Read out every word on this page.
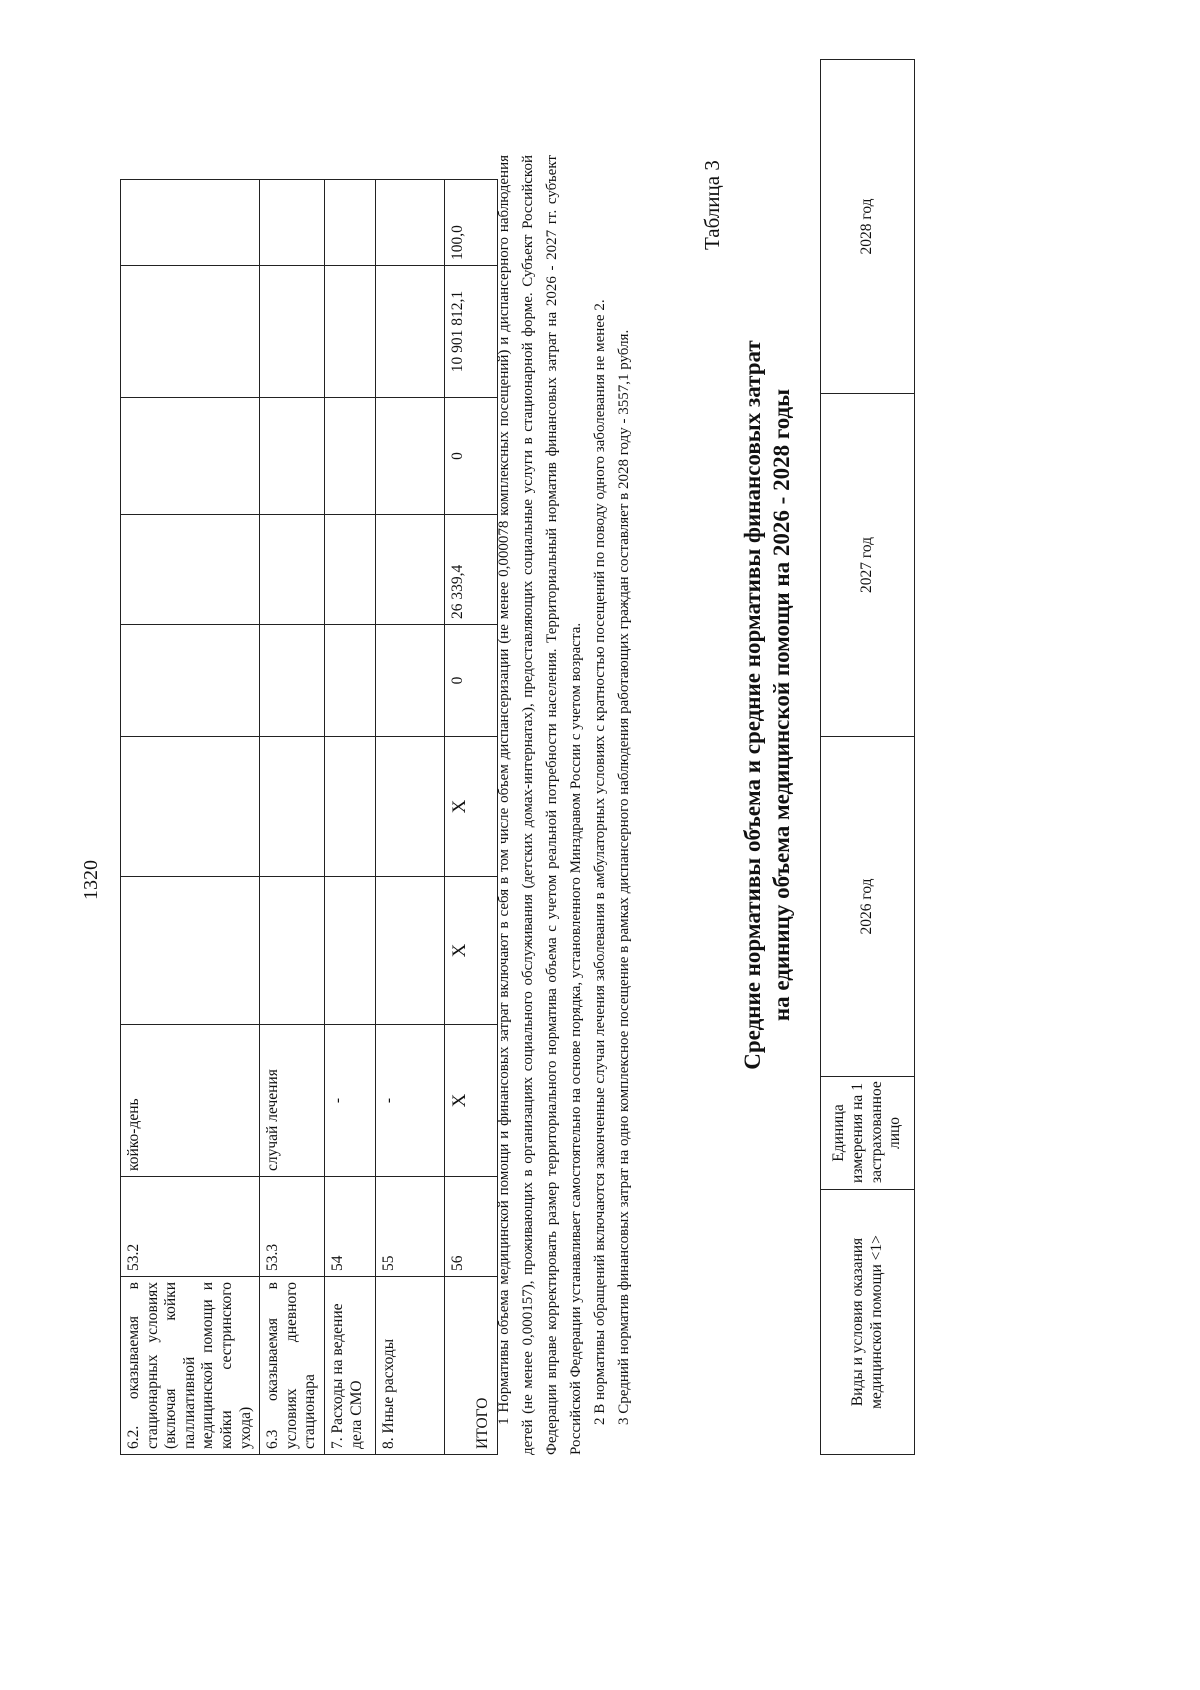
1320
6.2. оказываемая в стационарных условиях (включая койки паллиативной медицинской помощи и койки сестринского ухода)	53.2	койко-день							
6.3 оказываемая в условиях дневного стационара	53.3	случай лечения							
7. Расходы на ведение дела СМО	54	-							
8. Иные расходы	55	-							
ИТОГО	56	X	X	X	0	26 339,4	0	10 901 812,1	100,0 1 Нормативы объема медицинской помощи и финансовых затрат включают в себя в том числе объем диспансеризации (не менее 0,000078 комплексных посещений) и диспансерного наблюдения детей (не менее 0,000157), проживающих в организациях социального обслуживания (детских домах-интернатах), предоставляющих социальные услуги в стационарной форме. Субъект Российской Федерации вправе корректировать размер территориального норматива объема с учетом реальной потребности населения. Территориальный норматив финансовых затрат на 2026 - 2027 гг. субъект Российской Федерации устанавливает самостоятельно на основе порядка, установленного Минздравом России с учетом возраста. 2 В нормативы обращений включаются законченные случаи лечения заболевания в амбулаторных условиях с кратностью посещений по поводу одного заболевания не менее 2. 3 Средний норматив финансовых затрат на одно комплексное посещение в рамках диспансерного наблюдения работающих граждан составляет в 2028 году - 3557,1 рубля.

Таблица 3
Средние нормативы объема и средние нормативы финансовых затрат на единицу объема медицинской помощи на 2026 - 2028 годы
Виды и условия оказания медицинской помощи <1>	Единица измерения на 1 застрахованное лицо	2026 год	2027 год	2028 год
